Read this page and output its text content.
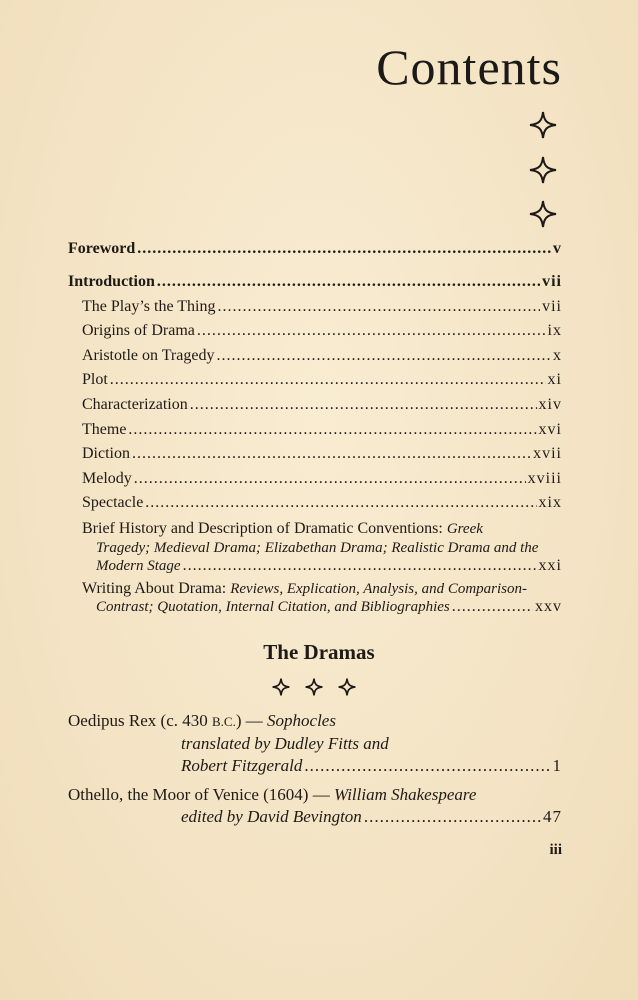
Contents
Foreword .....	v
Introduction .....	vii
The Play’s the Thing .....	vii
Origins of Drama .....	ix
Aristotle on Tragedy .....	x
Plot .....	xi
Characterization .....	xiv
Theme .....	xvi
Diction .....	xvii
Melody .....	xviii
Spectacle .....	xix
Brief History and Description of Dramatic Conventions: Greek
Tragedy; Medieval Drama; Elizabethan Drama; Realistic Drama and the
Modern Stage .....	xxi
Writing About Drama: Reviews, Explication, Analysis, and Comparison-
Contrast; Quotation, Internal Citation, and Bibliographies .....	xxv
The Dramas
Oedipus Rex (c. 430 B.C.) — Sophocles
translated by Dudley Fitts and
Robert Fitzgerald .....	1
Othello, the Moor of Venice (1604) — William Shakespeare
edited by David Bevington .....	47
iii
